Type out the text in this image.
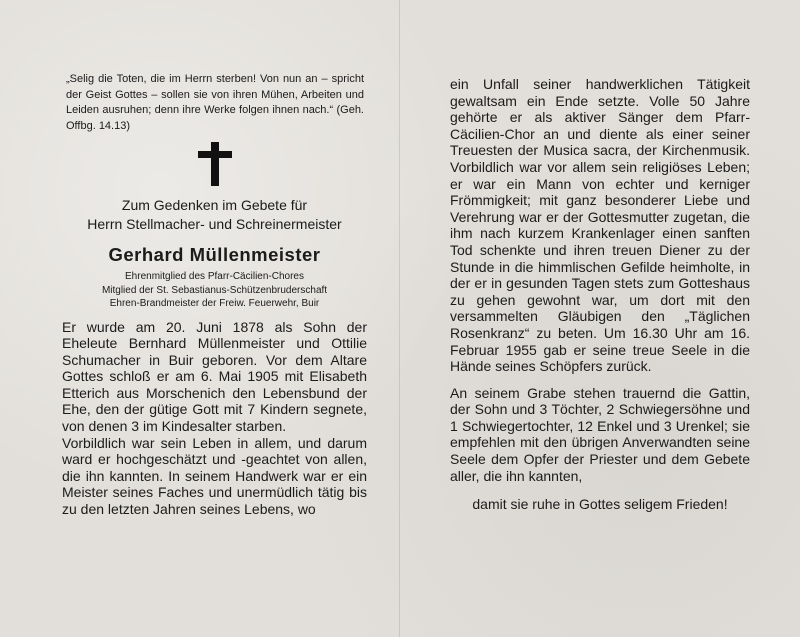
„Selig die Toten, die im Herrn sterben! Von nun an – spricht der Geist Gottes – sollen sie von ihren Mühen, Arbeiten und Leiden ausruhen; denn ihre Werke folgen ihnen nach.“ (Geh. Offbg. 14.13)

Zum Gedenken im Gebete für

Herrn Stellmacher- und Schreinermeister

Gerhard Müllenmeister
Ehrenmitglied des Pfarr-Cäcilien-Chores
Mitglied der St. Sebastianus-Schützenbruderschaft
Ehren-Brandmeister der Freiw. Feuerwehr, Buir

Er wurde am 20. Juni 1878 als Sohn der Eheleute Bernhard Müllenmeister und Ottilie Schumacher in Buir geboren. Vor dem Altare Gottes schloß er am 6. Mai 1905 mit Elisabeth Etterich aus Morschenich den Lebensbund der Ehe, den der gütige Gott mit 7 Kindern segnete, von denen 3 im Kindesalter starben.

Vorbildlich war sein Leben in allem, und darum ward er hochgeschätzt und -geachtet von allen, die ihn kannten. In seinem Handwerk war er ein Meister seines Faches und unermüdlich tätig bis zu den letzten Jahren seines Lebens, wo

ein Unfall seiner handwerklichen Tätigkeit gewaltsam ein Ende setzte. Volle 50 Jahre gehörte er als aktiver Sänger dem Pfarr-Cäcilien-Chor an und diente als einer seiner Treuesten der Musica sacra, der Kirchenmusik. Vorbildlich war vor allem sein religiöses Leben; er war ein Mann von echter und kerniger Frömmigkeit; mit ganz besonderer Liebe und Verehrung war er der Gottesmutter zugetan, die ihm nach kurzem Krankenlager einen sanften Tod schenkte und ihren treuen Diener zu der Stunde in die himmlischen Gefilde heimholte, in der er in gesunden Tagen stets zum Gotteshaus zu gehen gewohnt war, um dort mit den versammelten Gläubigen den „Täglichen Rosenkranz“ zu beten. Um 16.30 Uhr am 16. Februar 1955 gab er seine treue Seele in die Hände seines Schöpfers zurück.

An seinem Grabe stehen trauernd die Gattin, der Sohn und 3 Töchter, 2 Schwiegersöhne und 1 Schwiegertochter, 12 Enkel und 3 Urenkel; sie empfehlen mit den übrigen Anverwandten seine Seele dem Opfer der Priester und dem Gebete aller, die ihn kannten,

damit sie ruhe in Gottes seligem Frieden!
